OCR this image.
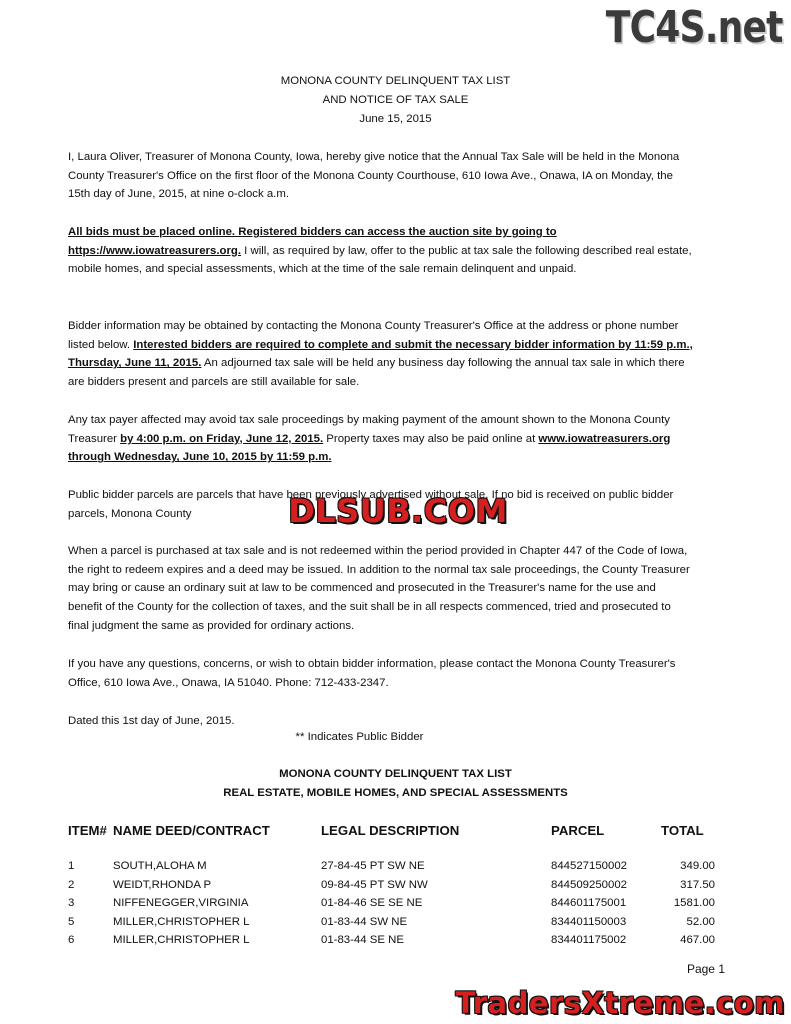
TC4S.net
MONONA COUNTY DELINQUENT TAX LIST
AND NOTICE OF TAX SALE
June 15, 2015
I, Laura Oliver, Treasurer of Monona County, Iowa, hereby give notice that the Annual Tax Sale will be held in the Monona County Treasurer's Office on the first floor of the Monona County Courthouse, 610 Iowa Ave., Onawa, IA on Monday, the 15th day of June, 2015, at nine o-clock a.m.
All bids must be placed online. Registered bidders can access the auction site by going to https://www.iowatreasurers.org. I will, as required by law, offer to the public at tax sale the following described real estate, mobile homes, and special assessments, which at the time of the sale remain delinquent and unpaid.
Bidder information may be obtained by contacting the Monona County Treasurer's Office at the address or phone number listed below. Interested bidders are required to complete and submit the necessary bidder information by 11:59 p.m., Thursday, June 11, 2015. An adjourned tax sale will be held any business day following the annual tax sale in which there are bidders present and parcels are still available for sale.
Any tax payer affected may avoid tax sale proceedings by making payment of the amount shown to the Monona County Treasurer by 4:00 p.m. on Friday, June 12, 2015. Property taxes may also be paid online at www.iowatreasurers.org through Wednesday, June 10, 2015 by 11:59 p.m.
Public bidder parcels are parcels that have been previously advertised without sale. If no bid is received on public bidder parcels, Monona County	DLSUB.COM
When a parcel is purchased at tax sale and is not redeemed within the period provided in Chapter 447 of the Code of Iowa, the right to redeem expires and a deed may be issued. In addition to the normal tax sale proceedings, the County Treasurer may bring or cause an ordinary suit at law to be commenced and prosecuted in the Treasurer's name for the use and benefit of the County for the collection of taxes, and the suit shall be in all respects commenced, tried and prosecuted to final judgment the same as provided for ordinary actions.
If you have any questions, concerns, or wish to obtain bidder information, please contact the Monona County Treasurer's Office, 610 Iowa Ave., Onawa, IA 51040. Phone: 712-433-2347.
Dated this 1st day of June, 2015.
** Indicates Public Bidder
MONONA COUNTY DELINQUENT TAX LIST
REAL ESTATE, MOBILE HOMES, AND SPECIAL ASSESSMENTS
ITEM# NAME DEED/CONTRACT	LEGAL DESCRIPTION	PARCEL	TOTAL
1	SOUTH,ALOHA M	27-84-45 PT SW NE	844527150002	349.00
2	WEIDT,RHONDA P	09-84-45 PT SW NW	844509250002	317.50
3	NIFFENEGGER,VIRGINIA	01-84-46 SE SE NE	844601175001	1581.00
5	MILLER,CHRISTOPHER L	01-83-44 SW NE	834401150003	52.00
6	MILLER,CHRISTOPHER L	01-83-44 SE NE	834401175002	467.00
Page 1
TradersXtreme.com
